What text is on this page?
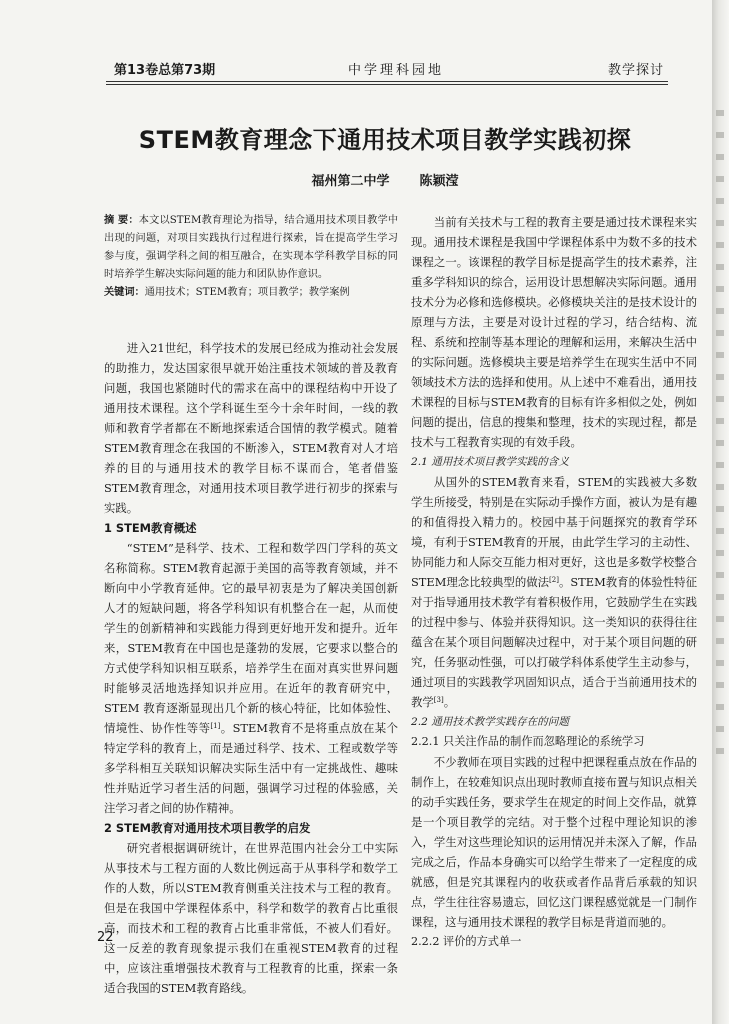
第13卷总第73期	中学理科园地	教学探讨
STEM教育理念下通用技术项目教学实践初探
福州第二中学 陈颖滢

摘 要：本文以STEM教育理论为指导，结合通用技术项目教学中出现的问题，对项目实践执行过程进行探索，旨在提高学生学习参与度，强调学科之间的相互融合，在实现本学科教学目标的同时培养学生解决实际问题的能力和团队协作意识。

关键词：通用技术；STEM教育；项目教学；教学案例

进入21世纪，科学技术的发展已经成为推动社会发展的助推力，发达国家很早就开始注重技术领域的普及教育问题，我国也紧随时代的需求在高中的课程结构中开设了通用技术课程。这个学科诞生至今十余年时间，一线的教师和教育学者都在不断地探索适合国情的教学模式。随着STEM教育理念在我国的不断渗入，STEM教育对人才培养的目的与通用技术的教学目标不谋而合，笔者借鉴STEM教育理念，对通用技术项目教学进行初步的探索与实践。

1 STEM教育概述

“STEM”是科学、技术、工程和数学四门学科的英文名称简称。STEM教育起源于美国的高等教育领域，并不断向中小学教育延伸。它的最早初衷是为了解决美国创新人才的短缺问题，将各学科知识有机整合在一起，从而使学生的创新精神和实践能力得到更好地开发和提升。近年来，STEM教育在中国也是蓬勃的发展，它要求以整合的方式使学科知识相互联系，培养学生在面对真实世界问题时能够灵活地选择知识并应用。在近年的教育研究中，STEM 教育逐渐显现出几个新的核心特征，比如体验性、情境性、协作性等等[1]。STEM教育不是将重点放在某个特定学科的教育上，而是通过科学、技术、工程或数学等多学科相互关联知识解决实际生活中有一定挑战性、趣味性并贴近学习者生活的问题，强调学习过程的体验感，关注学习者之间的协作精神。

2 STEM教育对通用技术项目教学的启发

研究者根据调研统计，在世界范围内社会分工中实际从事技术与工程方面的人数比例远高于从事科学和数学工作的人数，所以STEM教育侧重关注技术与工程的教育。但是在我国中学课程体系中，科学和数学的教育占比重很高，而技术和工程的教育占比重非常低，不被人们看好。这一反差的教育现象提示我们在重视STEM教育的过程中，应该注重增强技术教育与工程教育的比重，探索一条适合我国的STEM教育路线。

当前有关技术与工程的教育主要是通过技术课程来实现。通用技术课程是我国中学课程体系中为数不多的技术课程之一。该课程的教学目标是提高学生的技术素养，注重多学科知识的综合，运用设计思想解决实际问题。通用技术分为必修和选修模块。必修模块关注的是技术设计的原理与方法，主要是对设计过程的学习，结合结构、流程、系统和控制等基本理论的理解和运用，来解决生活中的实际问题。选修模块主要是培养学生在现实生活中不同领域技术方法的选择和使用。从上述中不难看出，通用技术课程的目标与STEM教育的目标有许多相似之处，例如问题的提出，信息的搜集和整理，技术的实现过程，都是技术与工程教育实现的有效手段。

2.1 通用技术项目教学实践的含义

从国外的STEM教育来看，STEM的实践被大多数学生所接受，特别是在实际动手操作方面，被认为是有趣的和值得投入精力的。校园中基于问题探究的教育学环境，有利于STEM教育的开展，由此学生学习的主动性、协同能力和人际交互能力相对更好，这也是多数学校整合STEM理念比较典型的做法[2]。STEM教育的体验性特征对于指导通用技术教学有着积极作用，它鼓励学生在实践的过程中参与、体验并获得知识。这一类知识的获得往往蕴含在某个项目问题解决过程中，对于某个项目问题的研究，任务驱动性强，可以打破学科体系使学生主动参与，通过项目的实践教学巩固知识点，适合于当前通用技术的教学[3]。

2.2 通用技术教学实践存在的问题
2.2.1 只关注作品的制作而忽略理论的系统学习

不少教师在项目实践的过程中把课程重点放在作品的制作上，在较难知识点出现时教师直接布置与知识点相关的动手实践任务，要求学生在规定的时间上交作品，就算是一个项目教学的完结。对于整个过程中理论知识的渗入，学生对这些理论知识的运用情况并未深入了解，作品完成之后，作品本身确实可以给学生带来了一定程度的成就感，但是究其课程内的收获或者作品背后承载的知识点，学生往往容易遗忘，回忆这门课程感觉就是一门制作课程，这与通用技术课程的教学目标是背道而驰的。

2.2.2 评价的方式单一
22
